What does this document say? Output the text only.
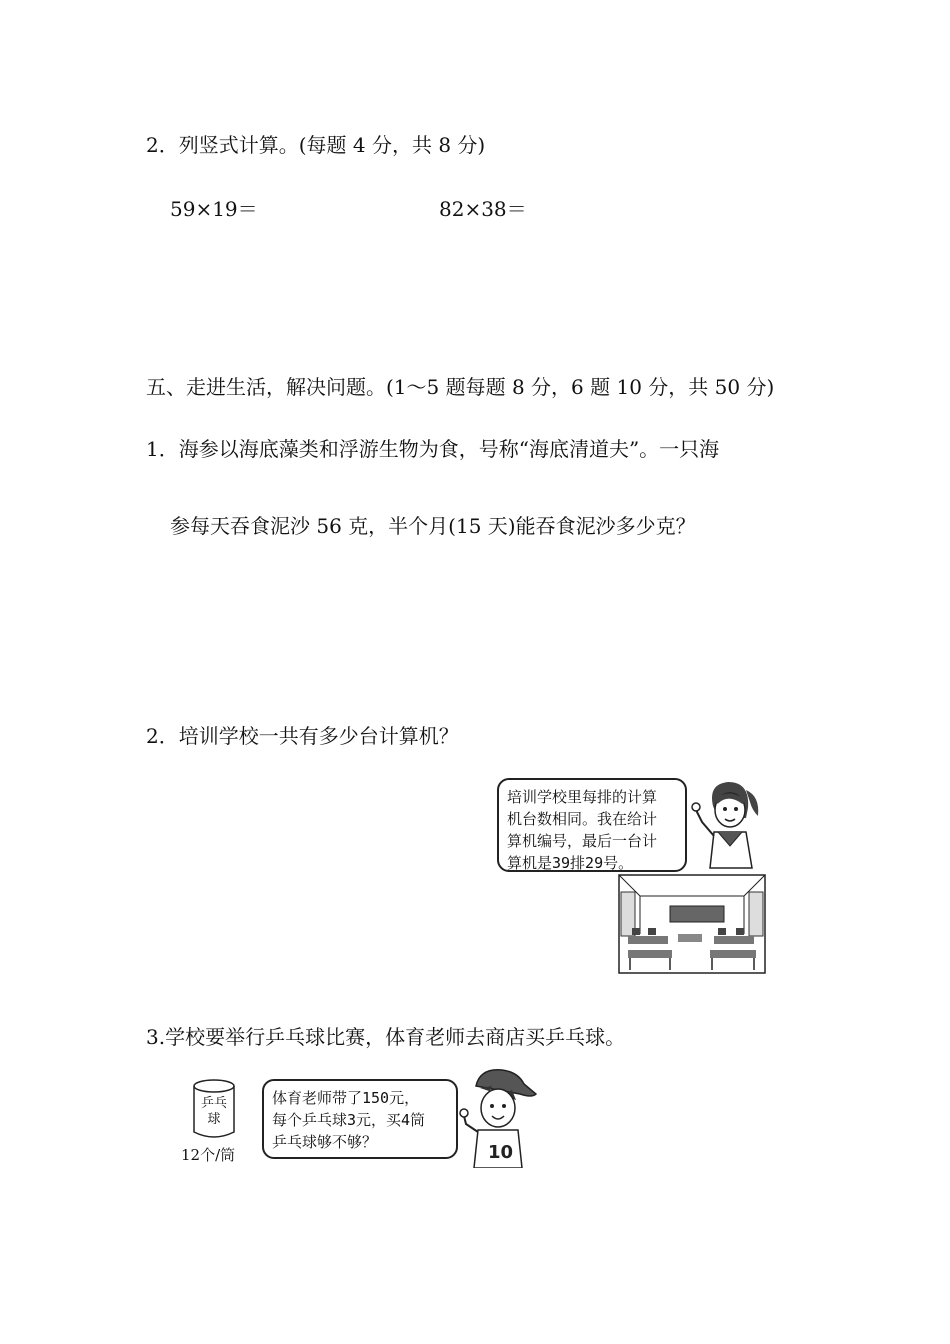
2．列竖式计算。(每题 4 分，共 8 分)
59×19＝	82×38＝
五、走进生活，解决问题。(1～5 题每题 8 分，6 题 10 分，共 50 分)
1．海参以海底藻类和浮游生物为食，号称“海底清道夫”。一只海
参每天吞食泥沙 56 克，半个月(15 天)能吞食泥沙多少克？
2．培训学校一共有多少台计算机？
培训学校里每排的计算
机台数相同。我在给计
算机编号，最后一台计
算机是39排29号。
3.学校要举行乒乓球比赛，体育老师去商店买乒乓球。
乒乓
球
12个/筒
体育老师带了150元，
每个乒乓球3元，买4筒
乒乓球够不够？	10
